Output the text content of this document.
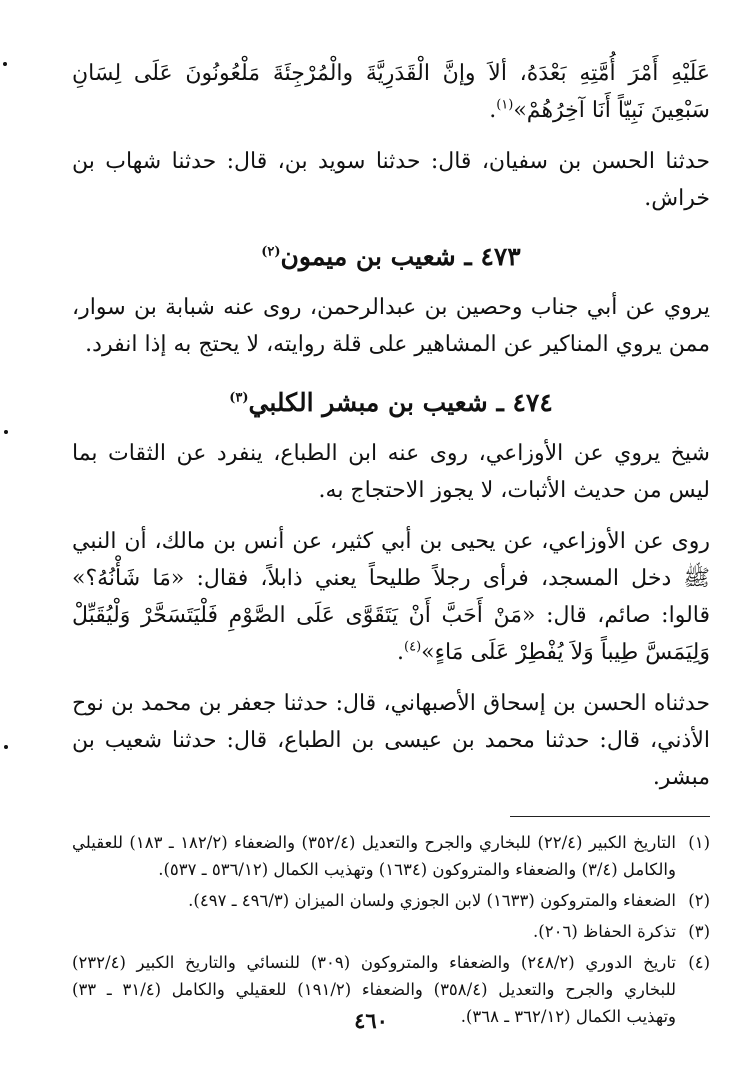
عَلَيْهِ أَمْرَ أُمَّتِهِ بَعْدَهُ، ألاَ وإنَّ الْقَدَرِيَّةَ والْمُرْجِئَةَ مَلْعُونُونَ عَلَى لِسَانِ سَبْعِينَ نَبِيّاً أَنَا آخِرُهُمْ»$^{(١)}$.

حدثنا الحسن بن سفيان، قال: حدثنا سويد بن، قال: حدثنا شهاب بن خراش.

٤٧٣ ـ شعيب بن ميمون$^{(٢)}$

يروي عن أبي جناب وحصين بن عبدالرحمن، روى عنه شبابة بن سوار، ممن يروي المناكير عن المشاهير على قلة روايته، لا يحتج به إذا انفرد.

٤٧٤ ـ شعيب بن مبشر الكلبي$^{(٣)}$

شيخ يروي عن الأوزاعي، روى عنه ابن الطباع، ينفرد عن الثقات بما ليس من حديث الأثبات، لا يجوز الاحتجاج به.

روى عن الأوزاعي، عن يحيى بن أبي كثير، عن أنس بن مالك، أن النبي ﷺ دخل المسجد، فرأى رجلاً طليحاً يعني ذابلاً، فقال: «مَا شَأْنُهُ؟» قالوا: صائم، قال: «مَنْ أَحَبَّ أَنْ يَتَقَوَّى عَلَى الصَّوْمِ فَلْيَتَسَحَّرْ وَلْيُقَبِّلْ وَلِيَمَسَّ طِيباً وَلاَ يُفْطِرْ عَلَى مَاءٍ»$^{(٤)}$.

حدثناه الحسن بن إسحاق الأصبهاني، قال: حدثنا جعفر بن محمد بن نوح الأذني، قال: حدثنا محمد بن عيسى بن الطباع، قال: حدثنا شعيب بن مبشر.

(١)
التاريخ الكبير (٢٢/٤) للبخاري والجرح والتعديل (٣٥٢/٤) والضعفاء (١٨٢/٢ ـ ١٨٣) للعقيلي والكامل (٣/٤) والضعفاء والمتروكون (١٦٣٤) وتهذيب الكمال (٥٣٦/١٢ ـ ٥٣٧).
(٢)
الضعفاء والمتروكون (١٦٣٣) لابن الجوزي ولسان الميزان (٤٩٦/٣ ـ ٤٩٧).
(٣)
تذكرة الحفاظ (٢٠٦).
(٤)
تاريخ الدوري (٢٤٨/٢) والضعفاء والمتروكون (٣٠٩) للنسائي والتاريخ الكبير (٢٣٢/٤) للبخاري والجرح والتعديل (٣٥٨/٤) والضعفاء (١٩١/٢) للعقيلي والكامل (٣١/٤ ـ ٣٣) وتهذيب الكمال (٣٦٢/١٢ ـ ٣٦٨).
٤٦٠
